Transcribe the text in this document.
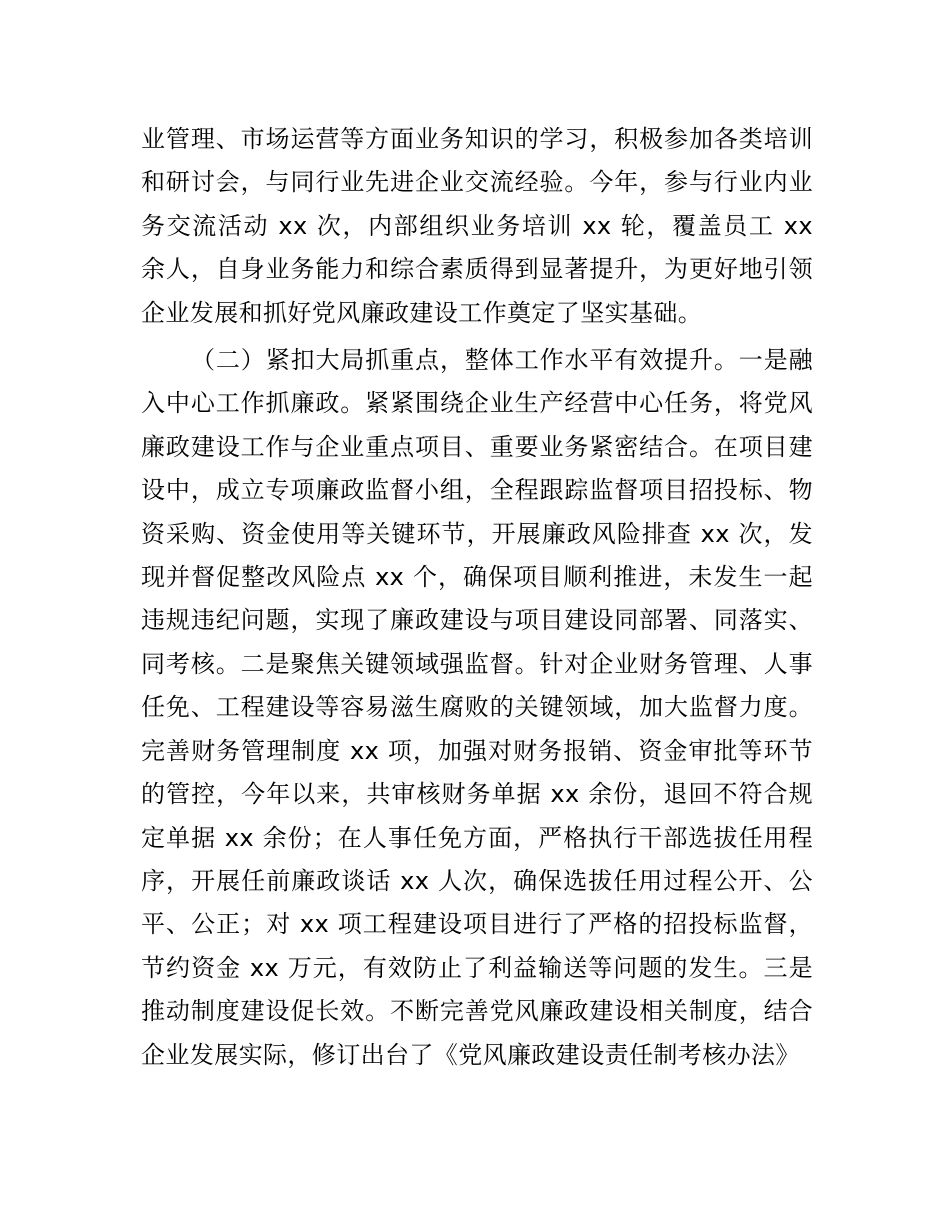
业管理、市场运营等方面业务知识的学习，积极参加各类培训和研讨会，与同行业先进企业交流经验。今年，参与行业内业务交流活动 xx 次，内部组织业务培训 xx 轮，覆盖员工 xx 余人，自身业务能力和综合素质得到显著提升，为更好地引领企业发展和抓好党风廉政建设工作奠定了坚实基础。

（二）紧扣大局抓重点，整体工作水平有效提升。一是融入中心工作抓廉政。紧紧围绕企业生产经营中心任务，将党风廉政建设工作与企业重点项目、重要业务紧密结合。在项目建设中，成立专项廉政监督小组，全程跟踪监督项目招投标、物资采购、资金使用等关键环节，开展廉政风险排查 xx 次，发现并督促整改风险点 xx 个，确保项目顺利推进，未发生一起违规违纪问题，实现了廉政建设与项目建设同部署、同落实、同考核。二是聚焦关键领域强监督。针对企业财务管理、人事任免、工程建设等容易滋生腐败的关键领域，加大监督力度。完善财务管理制度 xx 项，加强对财务报销、资金审批等环节的管控，今年以来，共审核财务单据 xx 余份，退回不符合规定单据 xx 余份；在人事任免方面，严格执行干部选拔任用程序，开展任前廉政谈话 xx 人次，确保选拔任用过程公开、公平、公正；对 xx 项工程建设项目进行了严格的招投标监督，节约资金 xx 万元，有效防止了利益输送等问题的发生。三是推动制度建设促长效。不断完善党风廉政建设相关制度，结合企业发展实际，修订出台了《党风廉政建设责任制考核办法》
